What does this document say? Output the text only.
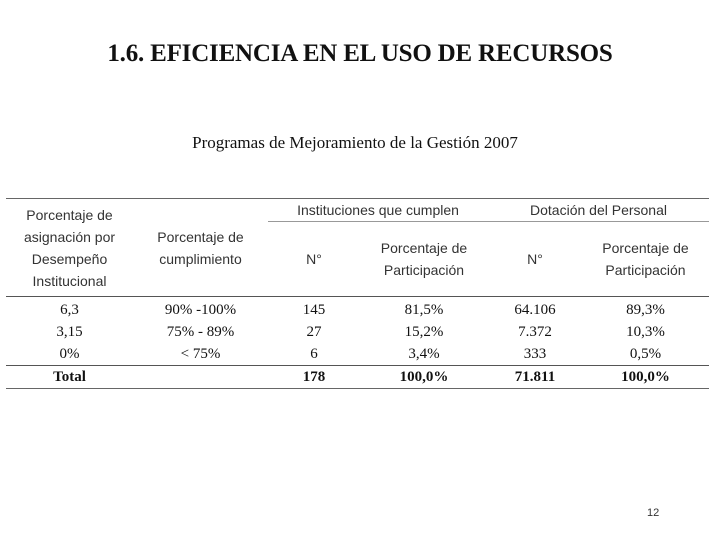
1.6. EFICIENCIA EN EL USO DE RECURSOS
Programas de Mejoramiento de la Gestión 2007
Porcentaje de asignación por Desempeño Institucional	Porcentaje de cumplimiento	Instituciones que cumplen		Dotación del Personal	
		N°	Porcentaje de Participación	N°	Porcentaje de Participación
6,3	90% -100%	145	81,5%	64.106	89,3%
3,15	75% - 89%	27	15,2%	7.372	10,3%
0%	< 75%	6	3,4%	333	0,5%
Total		178	100,0%	71.811	100,0%
12
